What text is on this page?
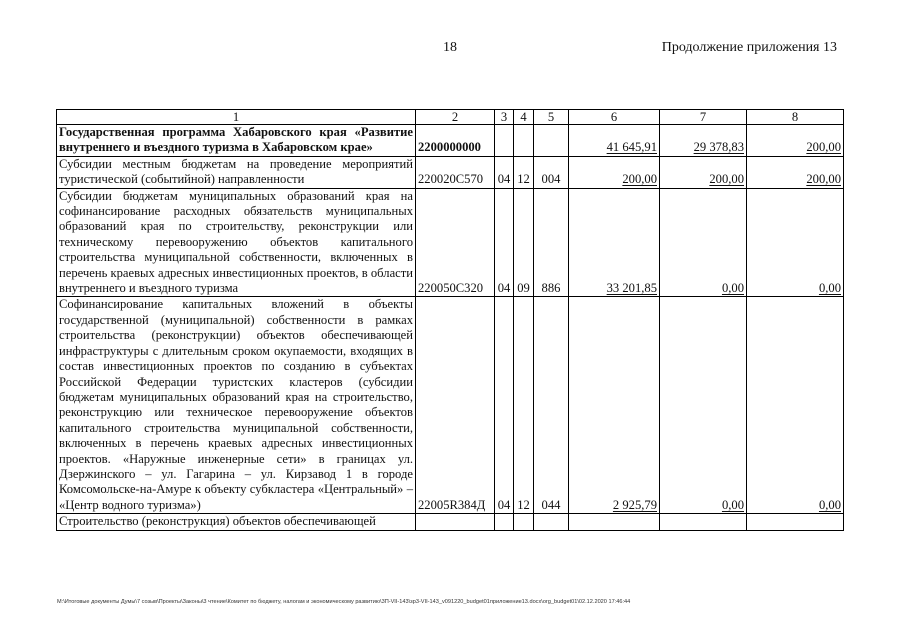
18	Продолжение приложения 13
1	2	3	4	5	6	7	8
Государственная программа Хабаровского края «Развитие внутреннего и въездного туризма в Хабаровском крае»	2200000000				41 645,91	29 378,83	200,00
Субсидии местным бюджетам на проведение мероприятий туристической (событийной) направленности	220020С570	04	12	004	200,00	200,00	200,00
Субсидии бюджетам муниципальных образований края на софинансирование расходных обязательств муниципальных образований края по строительству, реконструкции или техническому перевооружению объектов капитального строительства муниципальной собственности, включенных в перечень краевых адресных инвестиционных проектов, в области внутреннего и въездного туризма	220050С320	04	09	886	33 201,85	0,00	0,00
Софинансирование капитальных вложений в объекты государственной (муниципальной) собственности в рамках строительства (реконструкции) объектов обеспечивающей инфраструктуры с длительным сроком окупаемости, входящих в состав инвестиционных проектов по созданию в субъектах Российской Федерации туристских кластеров (субсидии бюджетам муниципальных образований края на строительство, реконструкцию или техническое перевооружение объектов капитального строительства муниципальной собственности, включенных в перечень краевых адресных инвестиционных проектов. «Наружные инженерные сети» в границах ул. Дзержинского – ул. Гагарина – ул. Кирзавод 1 в городе Комсомольске-на-Амуре к объекту субкластера «Центральный» – «Центр водного туризма»)	22005R384Д	04	12	044	2 925,79	0,00	0,00
Строительство (реконструкция) объектов обеспечивающей							
M:\Итоговые документы Думы\7 созыв\Проекты\Законы\3 чтение\Комитет по бюджету, налогам и экономическому развитию\3П-VII-143\зр3-VII-143_v091220_budget01приложение13.docx\org_budget01\02.12.2020 17:46:44
